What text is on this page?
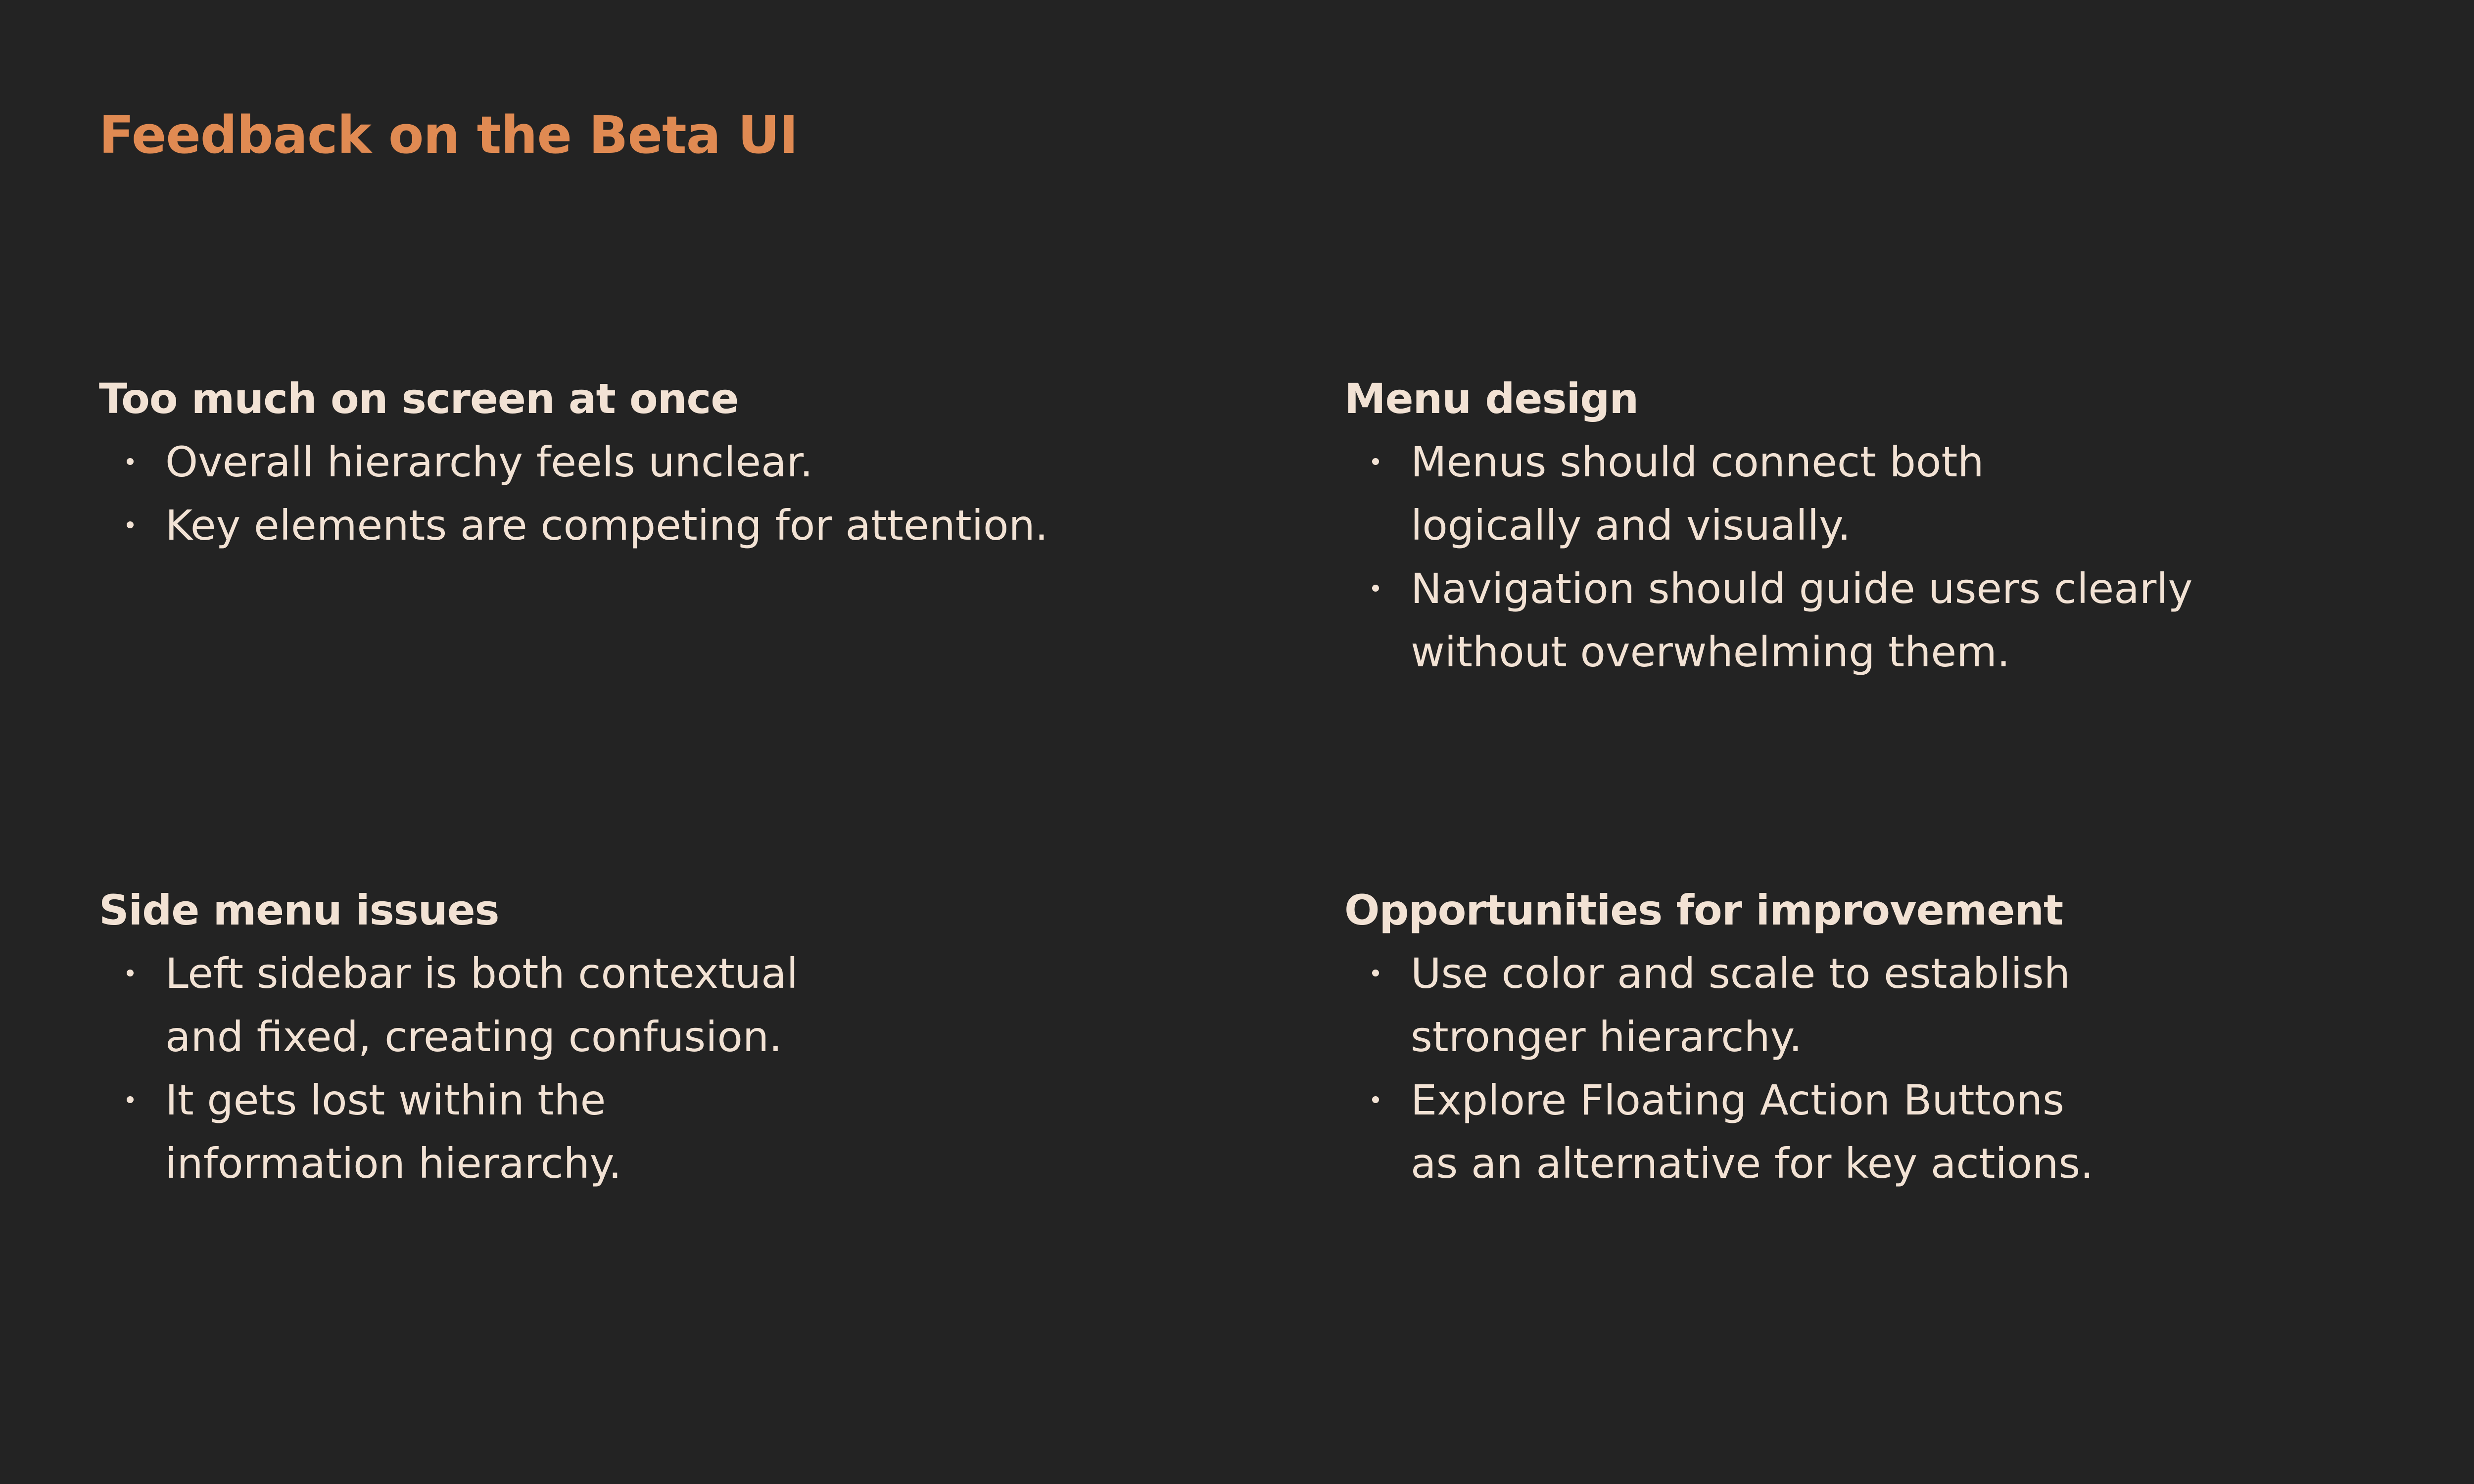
Feedback on the Beta UI
Too much on screen at once
Overall hierarchy feels unclear.
Key elements are competing for attention.
Menu design
Menus should connect both
logically and visually.
Navigation should guide users clearly
without overwhelming them.
Side menu issues
Left sidebar is both contextual
and fixed, creating confusion.
It gets lost within the
information hierarchy.
Opportunities for improvement
Use color and scale to establish
stronger hierarchy.
Explore Floating Action Buttons
as an alternative for key actions.
